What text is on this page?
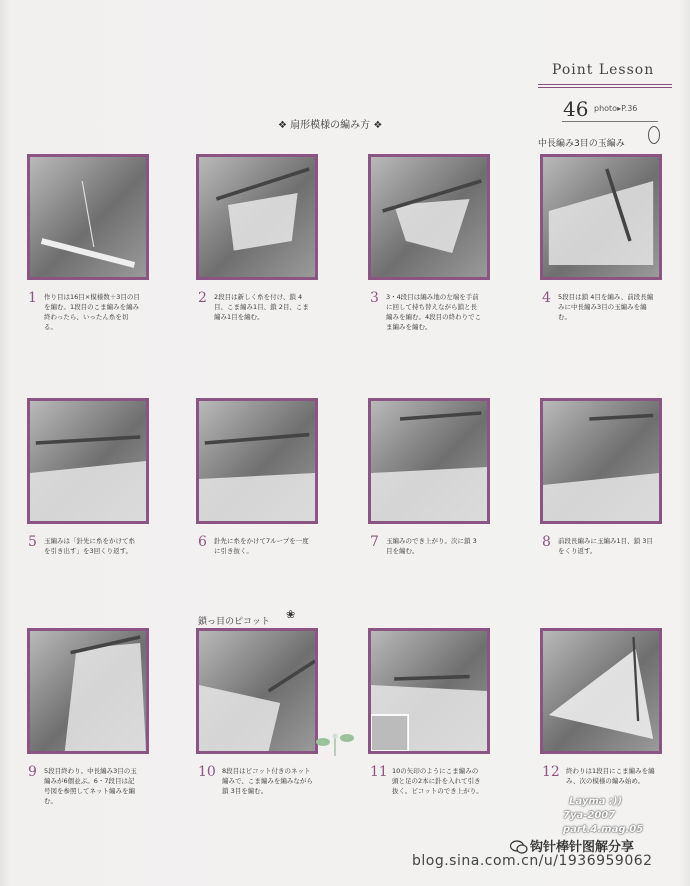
Point Lesson
46 photo▸P.36
❖ 扇形模様の編み方 ❖
中長編み3目の玉編み
鎖っ目のピコット
❀
1 作り目は16目×模様数＋3目の目を編む。1段目のこま編みを編み終わったら、いったん糸を切る。
2 2段目は新しく糸を付け、鎖 4目、こま編み1目、鎖 2目、こま編み1目を編む。
3 3・4段目は編み地の左端を手前に回して持ち替えながら鎖と長編みを編む。4段目の終わりでこま編みを編む。
4 5段目は鎖 4目を編み、前段長編みに中長編み3目の玉編みを編む。
5 玉編みは「針先に糸をかけて糸を引き出す」を3回くり返す。
6 針先に糸をかけて7ループを一度に引き抜く。
7 玉編みのでき上がり。次に鎖 3目を編む。
8 前段長編みに玉編み1目、鎖 3目をくり返す。
9 5段目終わり。中長編み3目の玉編みが6個並ぶ。6・7段目は記号図を参照してネット編みを編む。
10 8段目はピコット付きのネット編みで、こま編みを編みながら鎖 3目を編む。
11 10の矢印のようにこま編みの頭と足の2本に針を入れて引き抜く。ピコットのでき上がり。
12 終わりは1段目にこま編みを編み、次の模様の編み始め。
Layma :))
7ya-2007
part.4.mag.05
钩针棒针图解分享
blog.sina.com.cn/u/1936959062
